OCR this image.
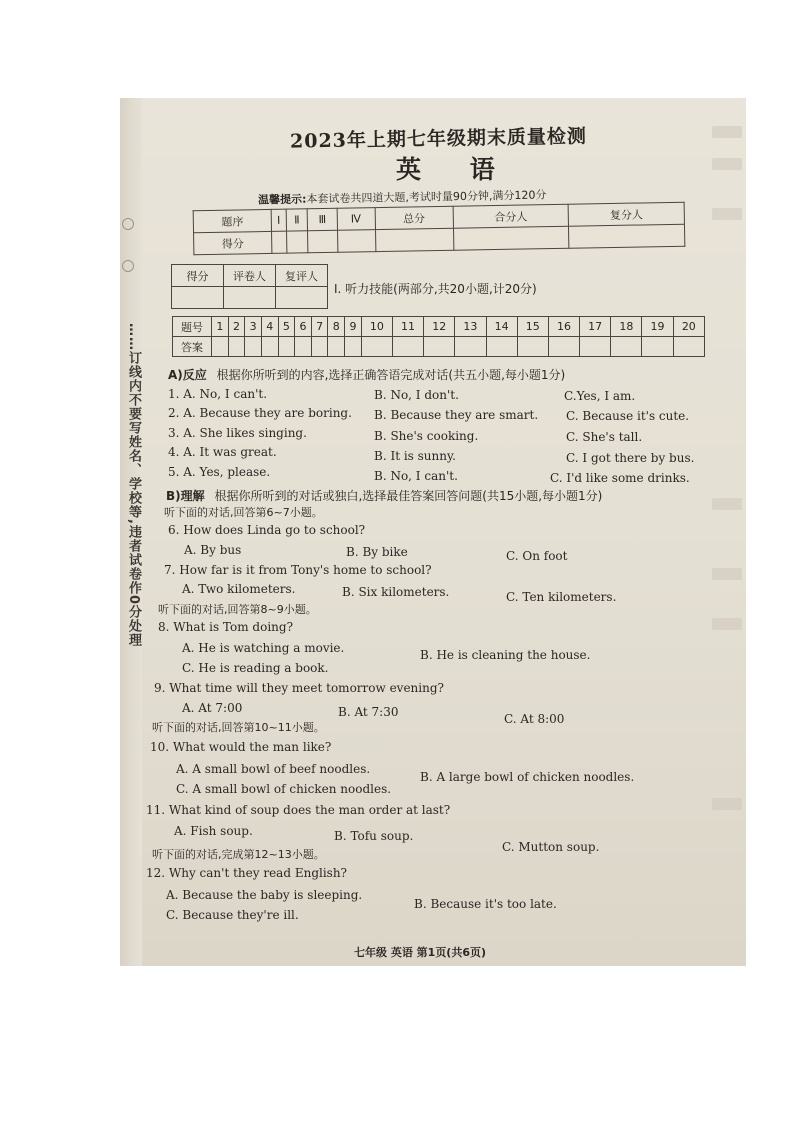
……订线内不要写姓名、学校等,违者试卷作0分处理
2023年上期七年级期末质量检测
英 语
温馨提示:本套试卷共四道大题,考试时量90分钟,满分120分
题序	Ⅰ	Ⅱ	Ⅲ	Ⅳ	总分	合分人	复分人
得分							
得分	评卷人	复评人

Ⅰ. 听力技能(两部分,共20小题,计20分)
题号	1	2	3	4	5	6	7	8	9	10	11	12	13	14	15	16	17	18	19	20
答案																				
A)反应 根据你所听到的内容,选择正确答语完成对话(共五小题,每小题1分)
1. A. No, I can't.	B. No, I don't.	C.Yes, I am.
2. A. Because they are boring. B. Because they are smart. C. Because it's cute.
3. A. She likes singing.	B. She's cooking.	C. She's tall.
4. A. It was great.	B. It is sunny.	C. I got there by bus.
5. A. Yes, please.	B. No, I can't.	C. I'd like some drinks.
B)理解 根据你所听到的对话或独白,选择最佳答案回答问题(共15小题,每小题1分)
听下面的对话,回答第6~7小题。
6. How does Linda go to school?
A. By bus	B. By bike	C. On foot
7. How far is it from Tony's home to school?
A. Two kilometers.	B. Six kilometers.	C. Ten kilometers.
听下面的对话,回答第8~9小题。
8. What is Tom doing?
A. He is watching a movie.	B. He is cleaning the house.
C. He is reading a book.
9. What time will they meet tomorrow evening?
A. At 7:00	B. At 7:30	C. At 8:00
听下面的对话,回答第10~11小题。
10. What would the man like?
A. A small bowl of beef noodles.
B. A large bowl of chicken noodles.
C. A small bowl of chicken noodles.
11. What kind of soup does the man order at last?
A. Fish soup.	B. Tofu soup.
C. Mutton soup.
听下面的对话,完成第12~13小题。
12. Why can't they read English?
A. Because the baby is sleeping.
B. Because it's too late.
C. Because they're ill.
七年级 英语 第1页(共6页)
